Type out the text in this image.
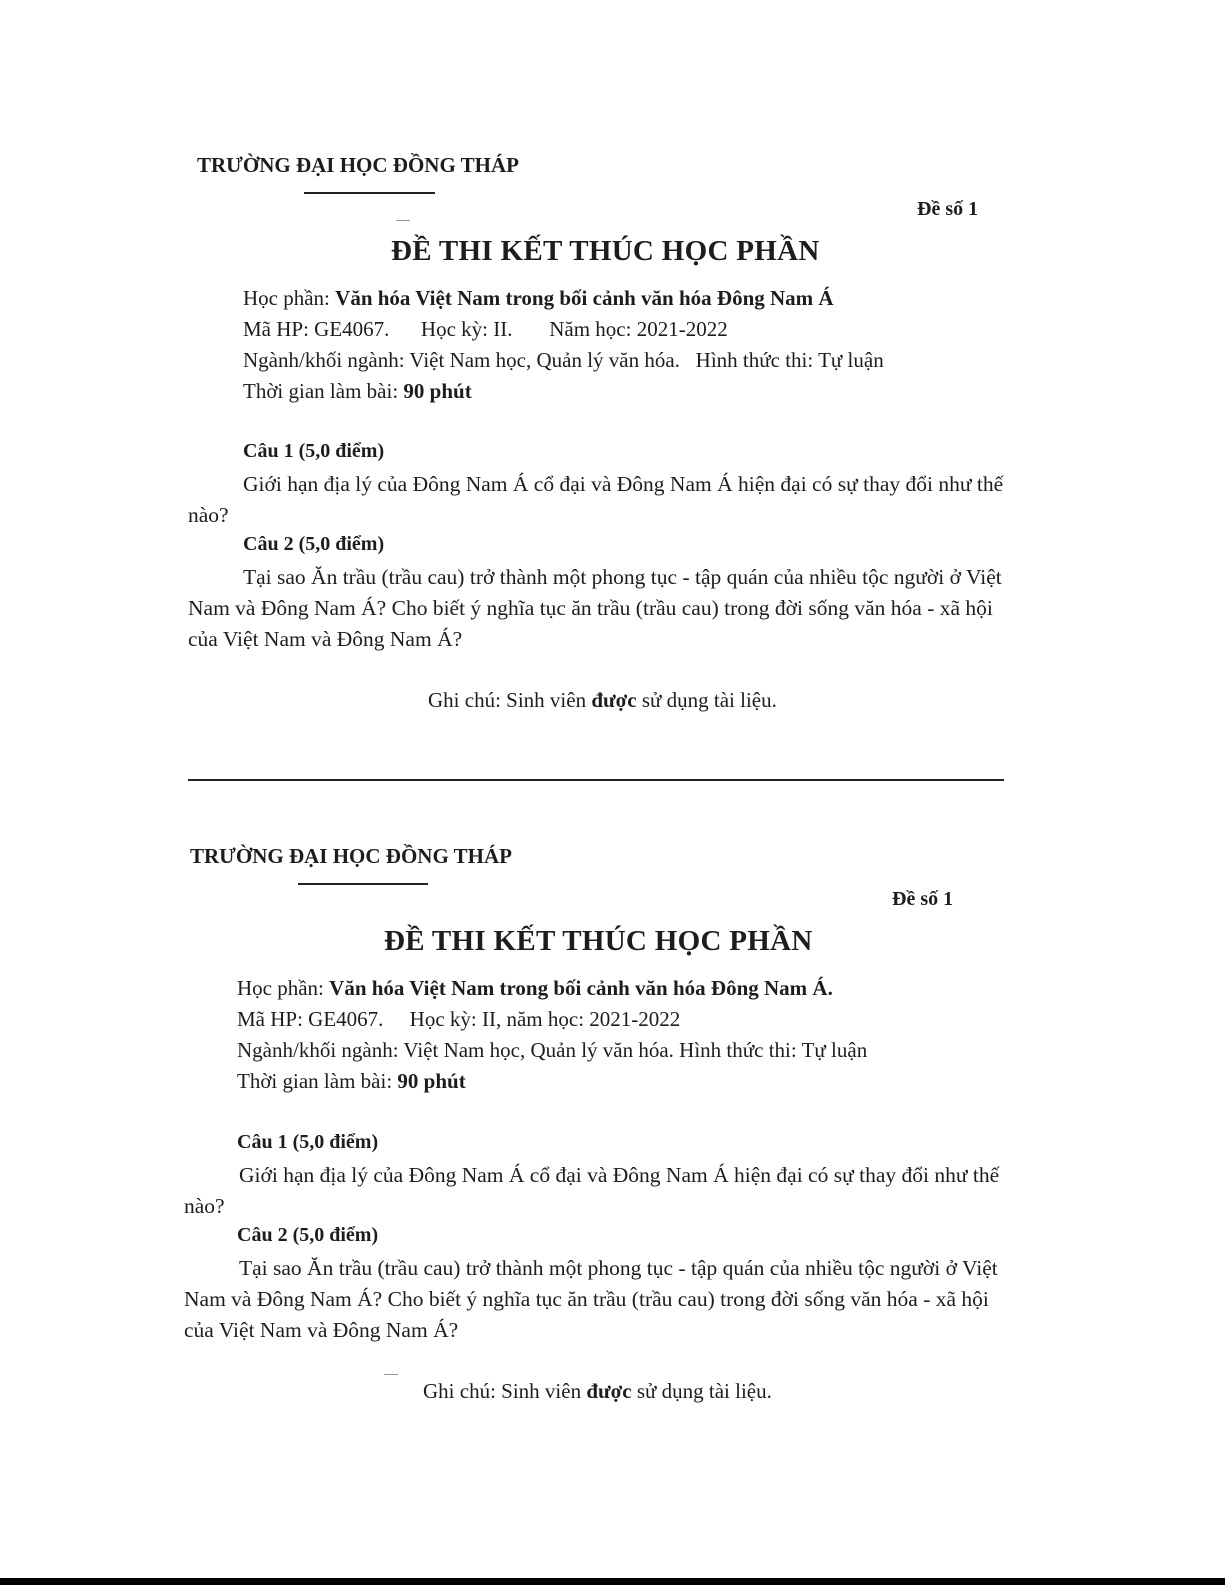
TRƯỜNG ĐẠI HỌC ĐỒNG THÁP
Đề số 1
ĐỀ THI KẾT THÚC HỌC PHẦN
Học phần: Văn hóa Việt Nam trong bối cảnh văn hóa Đông Nam Á
Mã HP: GE4067.      Học kỳ: II.       Năm học: 2021-2022
Ngành/khối ngành: Việt Nam học, Quản lý văn hóa.   Hình thức thi: Tự luận
Thời gian làm bài: 90 phút
Câu 1 (5,0 điểm)
Giới hạn địa lý của Đông Nam Á cổ đại và Đông Nam Á hiện đại có sự thay đổi như thế nào?
Câu 2 (5,0 điểm)
Tại sao Ăn trầu (trầu cau) trở thành một phong tục - tập quán của nhiều tộc người ở Việt Nam và Đông Nam Á? Cho biết ý nghĩa tục ăn trầu (trầu cau) trong đời sống văn hóa - xã hội của Việt Nam và Đông Nam Á?
Ghi chú: Sinh viên được sử dụng tài liệu.
TRƯỜNG ĐẠI HỌC ĐỒNG THÁP
Đề số 1
ĐỀ THI KẾT THÚC HỌC PHẦN
Học phần: Văn hóa Việt Nam trong bối cảnh văn hóa Đông Nam Á.
Mã HP: GE4067.     Học kỳ: II, năm học: 2021-2022
Ngành/khối ngành: Việt Nam học, Quản lý văn hóa. Hình thức thi: Tự luận
Thời gian làm bài: 90 phút
Câu 1 (5,0 điểm)
Giới hạn địa lý của Đông Nam Á cổ đại và Đông Nam Á hiện đại có sự thay đổi như thế nào?
Câu 2 (5,0 điểm)
Tại sao Ăn trầu (trầu cau) trở thành một phong tục - tập quán của nhiều tộc người ở Việt Nam và Đông Nam Á? Cho biết ý nghĩa tục ăn trầu (trầu cau) trong đời sống văn hóa - xã hội của Việt Nam và Đông Nam Á?
Ghi chú: Sinh viên được sử dụng tài liệu.
